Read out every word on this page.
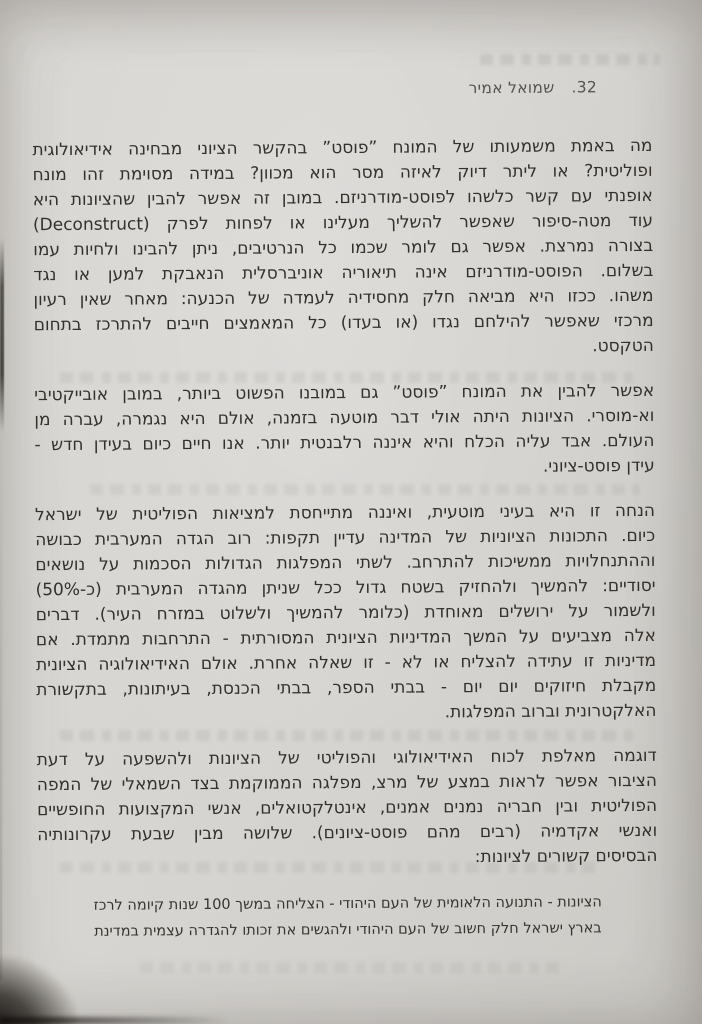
32.
שמואל אמיר
מה באמת משמעותו של המונח ”פוסט” בהקשר הציוני מבחינה אידיאולוגית
ופוליטית? או ליתר דיוק לאיזה מסר הוא מכוון? במידה מסוימת זהו מונח
אופנתי עם קשר כלשהו לפוסט-מודרניזם. במובן זה אפשר להבין שהציונות היא
עוד מטה-סיפור שאפשר להשליך מעלינו או לפחות לפרק (Deconstruct)
בצורה נמרצת. אפשר גם לומר שכמו כל הנרטיבים, ניתן להבינו ולחיות עמו
בשלום. הפוסט-מודרניזם אינה תיאוריה אוניברסלית הנאבקת למען או נגד
משהו. ככזו היא מביאה חלק מחסידיה לעמדה של הכנעה: מאחר שאין רעיון
מרכזי שאפשר להילחם נגדו (או בעדו) כל המאמצים חייבים להתרכז בתחום
הטקסט.
אפשר להבין את המונח ”פוסט” גם במובנו הפשוט ביותר, במובן אובייקטיבי
וא-מוסרי. הציונות היתה אולי דבר מוטעה בזמנה, אולם היא נגמרה, עברה מן
העולם. אבד עליה הכלח והיא איננה רלבנטית יותר. אנו חיים כיום בעידן חדש -
עידן פוסט-ציוני.
הנחה זו היא בעיני מוטעית, ואיננה מתייחסת למציאות הפוליטית של ישראל
כיום. התכונות הציוניות של המדינה עדיין תקפות: רוב הגדה המערבית כבושה
וההתנחלויות ממשיכות להתרחב. לשתי המפלגות הגדולות הסכמות על נושאים
יסודיים: להמשיך ולהחזיק בשטח גדול ככל שניתן מהגדה המערבית (כ-50%)
ולשמור על ירושלים מאוחדת (כלומר להמשיך ולשלוט במזרח העיר). דברים
אלה מצביעים על המשך המדיניות הציונית המסורתית - התרחבות מתמדת. אם
מדיניות זו עתידה להצליח או לא - זו שאלה אחרת. אולם האידיאולוגיה הציונית
מקבלת חיזוקים יום יום - בבתי הספר, בבתי הכנסת, בעיתונות, בתקשורת
האלקטרונית וברוב המפלגות.
דוגמה מאלפת לכוח האידיאולוגי והפוליטי של הציונות ולהשפעה על דעת
הציבור אפשר לראות במצע של מרצ, מפלגה הממוקמת בצד השמאלי של המפה
הפוליטית ובין חבריה נמנים אמנים, אינטלקטואלים, אנשי המקצועות החופשיים
ואנשי אקדמיה (רבים מהם פוסט-ציונים). שלושה מבין שבעת עקרונותיה
הבסיסים קשורים לציונות:
הציונות - התנועה הלאומית של העם היהודי - הצליחה במשך 100 שנות קיומה לרכז
בארץ ישראל חלק חשוב של העם היהודי ולהגשים את זכותו להגדרה עצמית במדינת
